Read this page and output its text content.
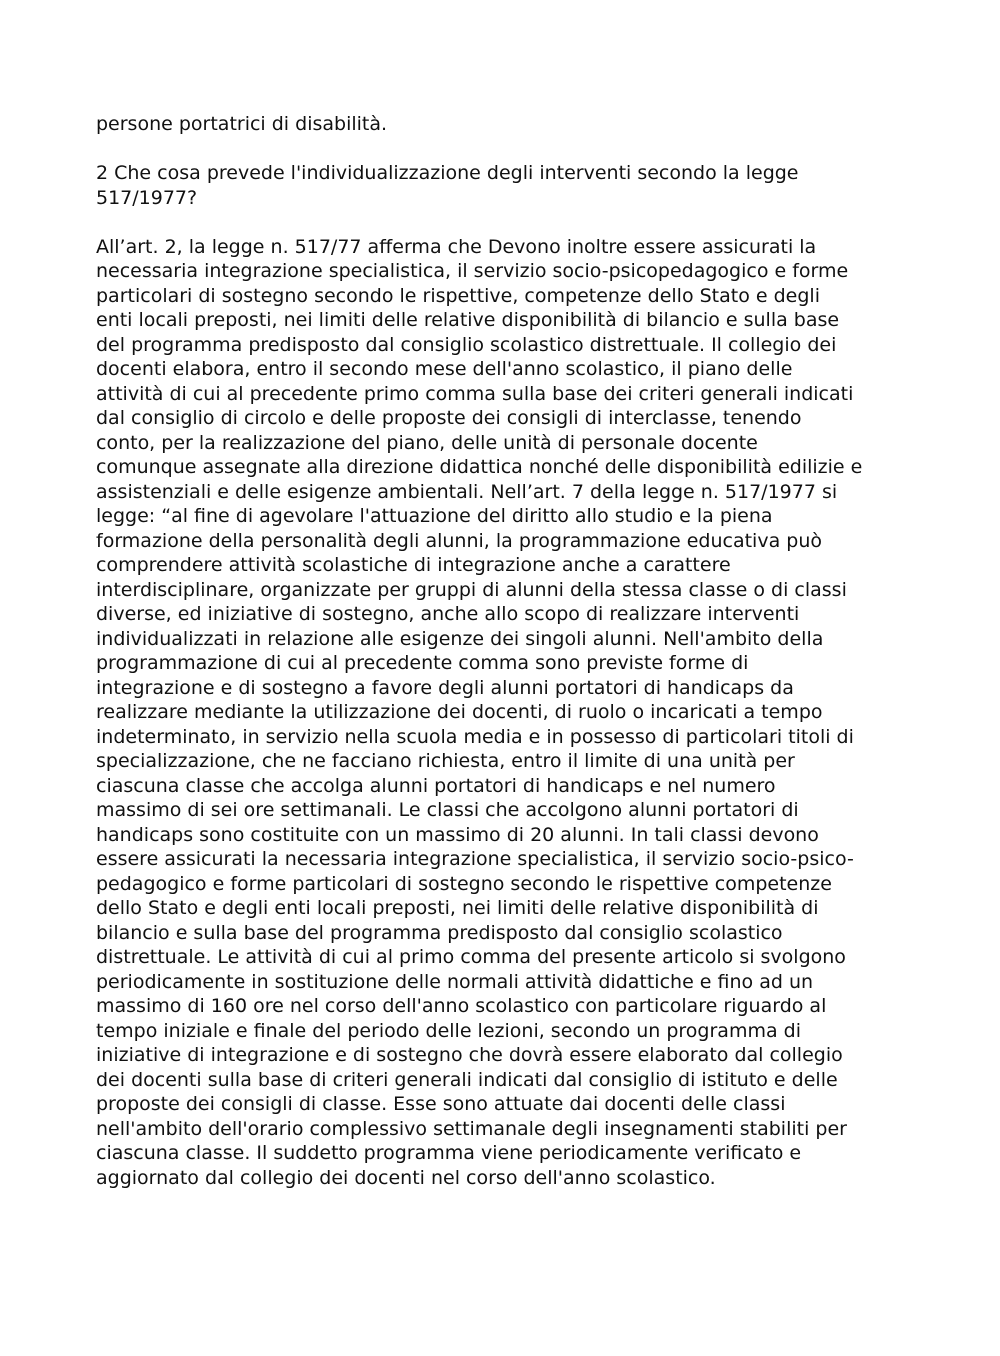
persone portatrici di disabilità.

2 Che cosa prevede l'individualizzazione degli interventi secondo la legge
517/1977?

All’art. 2, la legge n. 517/77 afferma che Devono inoltre essere assicurati la
necessaria integrazione specialistica, il servizio socio-psicopedagogico e forme
particolari di sostegno secondo le rispettive, competenze dello Stato e degli
enti locali preposti, nei limiti delle relative disponibilità di bilancio e sulla base
del programma predisposto dal consiglio scolastico distrettuale. Il collegio dei
docenti elabora, entro il secondo mese dell'anno scolastico, il piano delle
attività di cui al precedente primo comma sulla base dei criteri generali indicati
dal consiglio di circolo e delle proposte dei consigli di interclasse, tenendo
conto, per la realizzazione del piano, delle unità di personale docente
comunque assegnate alla direzione didattica nonché delle disponibilità edilizie e
assistenziali e delle esigenze ambientali. Nell’art. 7 della legge n. 517/1977 si
legge: “al fine di agevolare l'attuazione del diritto allo studio e la piena
formazione della personalità degli alunni, la programmazione educativa può
comprendere attività scolastiche di integrazione anche a carattere
interdisciplinare, organizzate per gruppi di alunni della stessa classe o di classi
diverse, ed iniziative di sostegno, anche allo scopo di realizzare interventi
individualizzati in relazione alle esigenze dei singoli alunni. Nell'ambito della
programmazione di cui al precedente comma sono previste forme di
integrazione e di sostegno a favore degli alunni portatori di handicaps da
realizzare mediante la utilizzazione dei docenti, di ruolo o incaricati a tempo
indeterminato, in servizio nella scuola media e in possesso di particolari titoli di
specializzazione, che ne facciano richiesta, entro il limite di una unità per
ciascuna classe che accolga alunni portatori di handicaps e nel numero
massimo di sei ore settimanali. Le classi che accolgono alunni portatori di
handicaps sono costituite con un massimo di 20 alunni. In tali classi devono
essere assicurati la necessaria integrazione specialistica, il servizio socio-psico-
pedagogico e forme particolari di sostegno secondo le rispettive competenze
dello Stato e degli enti locali preposti, nei limiti delle relative disponibilità di
bilancio e sulla base del programma predisposto dal consiglio scolastico
distrettuale. Le attività di cui al primo comma del presente articolo si svolgono
periodicamente in sostituzione delle normali attività didattiche e fino ad un
massimo di 160 ore nel corso dell'anno scolastico con particolare riguardo al
tempo iniziale e finale del periodo delle lezioni, secondo un programma di
iniziative di integrazione e di sostegno che dovrà essere elaborato dal collegio
dei docenti sulla base di criteri generali indicati dal consiglio di istituto e delle
proposte dei consigli di classe. Esse sono attuate dai docenti delle classi
nell'ambito dell'orario complessivo settimanale degli insegnamenti stabiliti per
ciascuna classe. Il suddetto programma viene periodicamente verificato e
aggiornato dal collegio dei docenti nel corso dell'anno scolastico.
